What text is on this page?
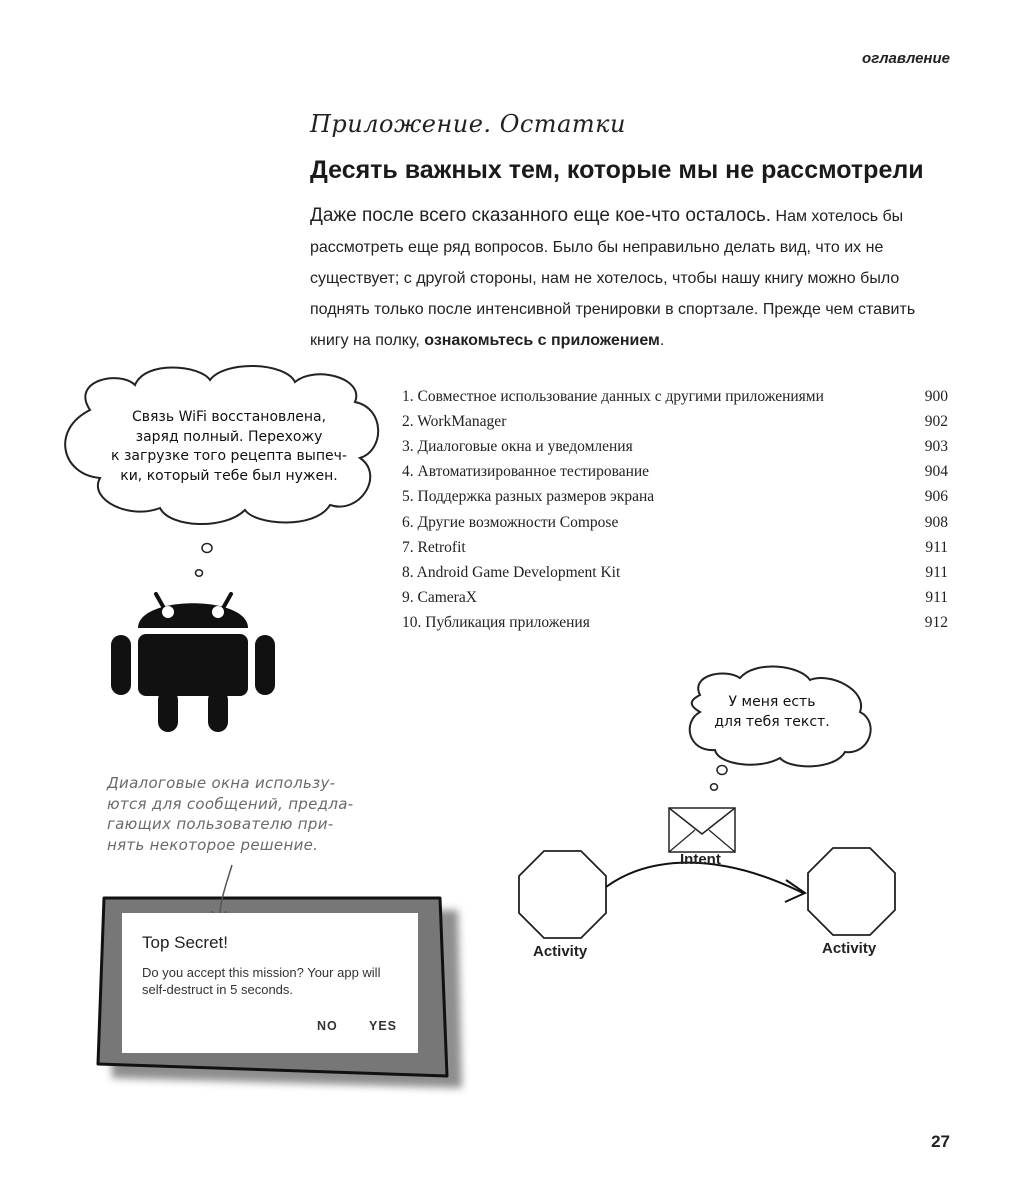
оглавление
Приложение. Остатки
Десять важных тем, которые мы не рассмотрели
Даже после всего сказанного еще кое-что осталось. Нам хотелось бы рассмотреть еще ряд вопросов. Было бы неправильно делать вид, что их не существует; с другой стороны, нам не хотелось, чтобы нашу книгу можно было поднять только после интенсивной тренировки в спортзале. Прежде чем ставить книгу на полку, ознакомьтесь с приложением.
1. Совместное использование данных с другими приложениями	900
2. WorkManager	902
3. Диалоговые окна и уведомления	903
4. Автоматизированное тестирование	904
5. Поддержка разных размеров экрана	906
6. Другие возможности Compose	908
7. Retrofit	911
8. Android Game Development Kit	911
9. CameraX	911
10. Публикация приложения	912
Связь WiFi восстановлена,
заряд полный. Перехожу
к загрузке того рецепта выпеч-
ки, который тебе был нужен.
У меня есть
для тебя текст.
Диалоговые окна использу-
ются для сообщений, предла-
гающих пользователю при-
нять некоторое решение.
Top Secret!
Do you accept this mission? Your app will self-destruct in 5 seconds.
NO	YES
Intent
Activity	Activity
27
